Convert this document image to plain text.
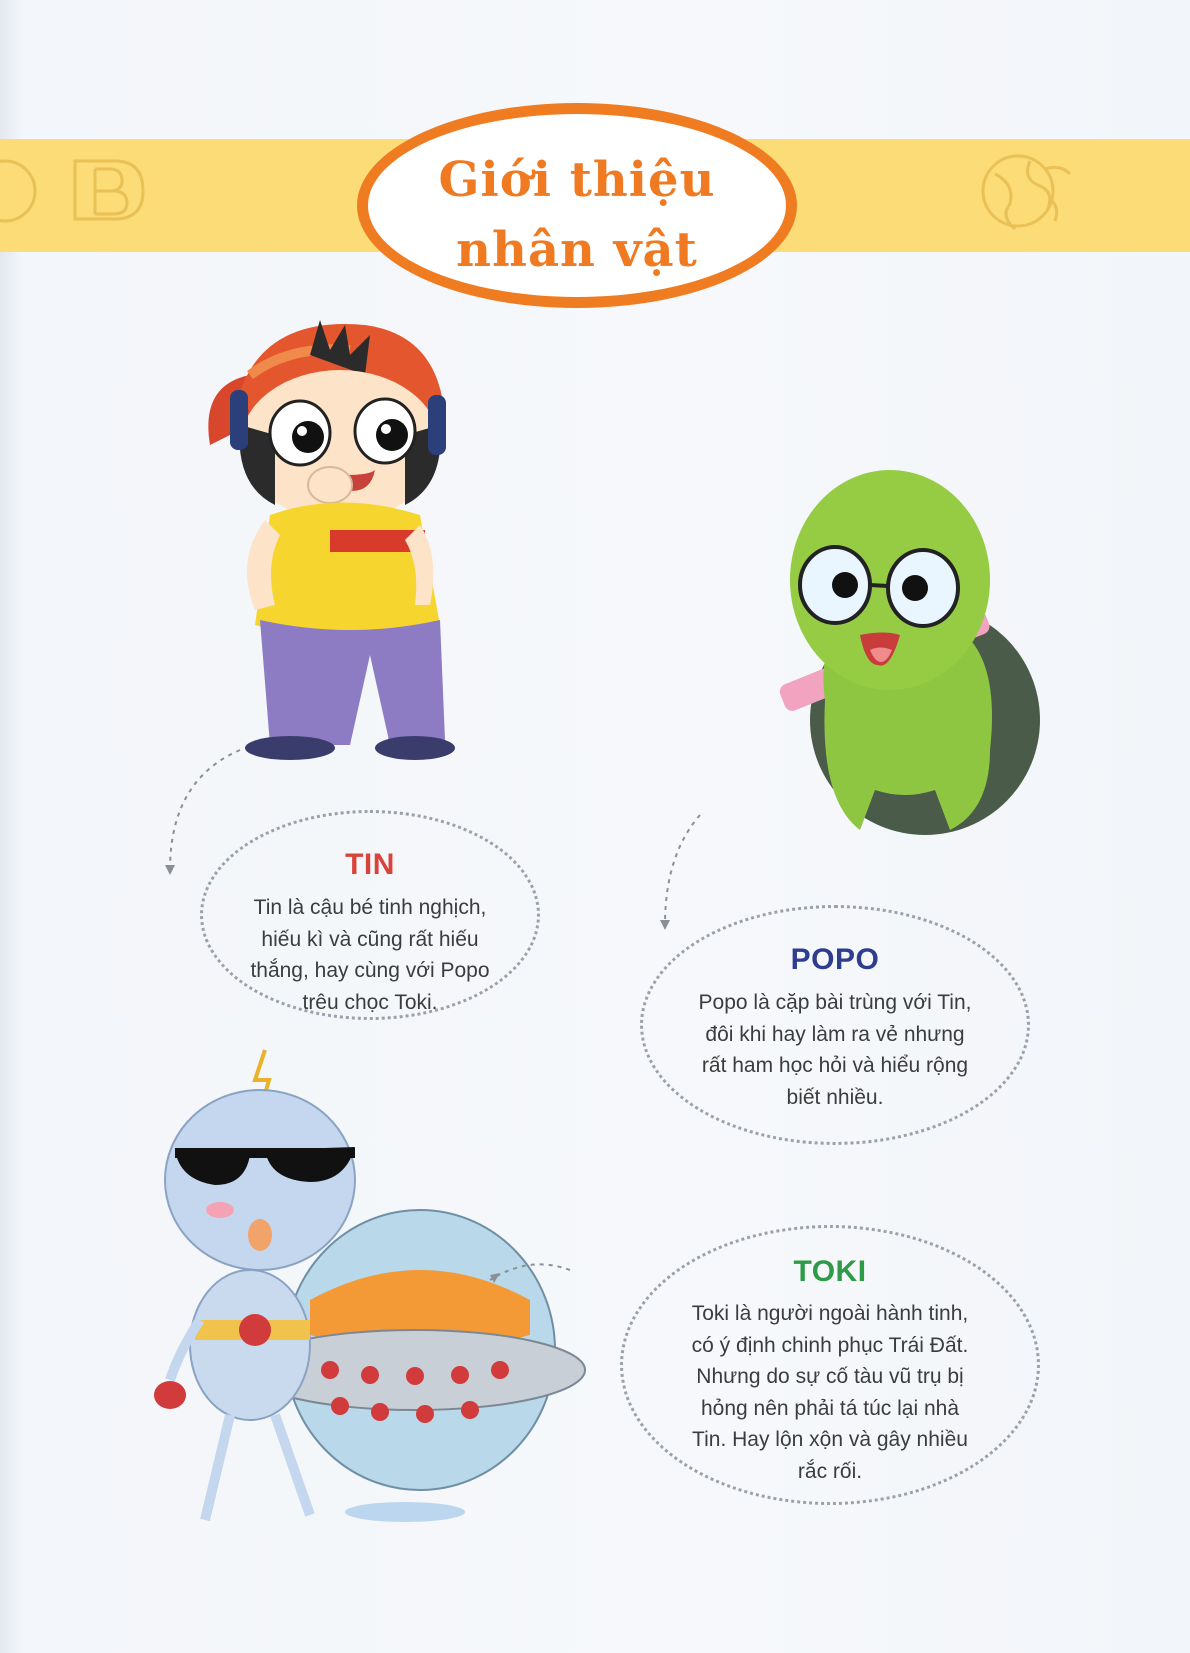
Giới thiệu
nhân vật
TIN
Tin là cậu bé tinh nghịch,
hiếu kì và cũng rất hiếu
thắng, hay cùng với Popo
trêu chọc Toki.
POPO
Popo là cặp bài trùng với Tin,
đôi khi hay làm ra vẻ nhưng
rất ham học hỏi và hiểu rộng
biết nhiều.
TOKI
Toki là người ngoài hành tinh,
có ý định chinh phục Trái Đất.
Nhưng do sự cố tàu vũ trụ bị
hỏng nên phải tá túc lại nhà
Tin. Hay lộn xộn và gây nhiều
rắc rối.
